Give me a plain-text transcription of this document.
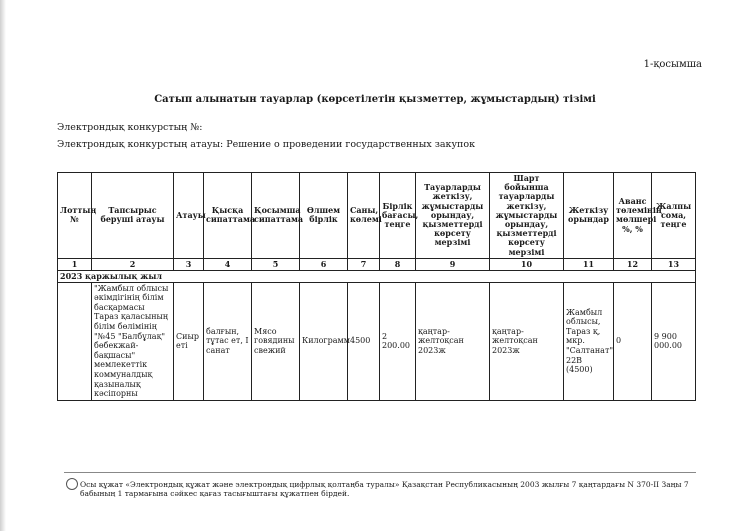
1-қосымша
Сатып алынатын тауарлар (көрсетілетін қызметтер, жұмыстардың) тізімі
Электрондық конкурстың №:
Электрондық конкурстың атауы: Решение о проведении государственных закупок
Лоттың №	Тапсырыс беруші атауы	Атауы	Қысқа сипаттама	Қосымша сипаттама	Өлшем бірлік	Саны, көлемі	Бірлік бағасы, теңге	Тауарларды жеткізу, жұмыстарды орындау, қызметтерді көрсету мерзімі	Шарт бойынша тауарларды жеткізу, жұмыстарды орындау, қызметтерді көрсету мерзімі	Жеткізу орындар	Аванс төлемінің мөлшері %, %	Жалпы сома, теңге
1	2	3	4	5	6	7	8	9	10	11	12	13
2023 қаржылық жыл												
	"Жамбыл облысы әкімдігінің білім басқармасы Тараз қаласының білім бөлімінің "№45 "Балбұлақ" бөбекжай-бақшасы" мемлекеттік коммуналдық қазыналық кәсіпорны	Сиыр еті	балғын, тұтас ет, I санат	Мясо говядины свежий	Килограмм	4500	2 200.00	қаңтар-желтоқсан 2023ж	қаңтар-желтоқсан 2023ж	Жамбыл облысы, Тараз қ, мкр. "Салтанат" 22В (4500)	0	9 900 000.00
Осы құжат «Электрондық құжат және электрондық цифрлық қолтаңба туралы» Қазақстан Республикасының 2003 жылғы 7 қаңтардағы N 370-II Заңы 7 бабының 1 тармағына сәйкес қағаз тасығыштағы құжатпен бірдей.
